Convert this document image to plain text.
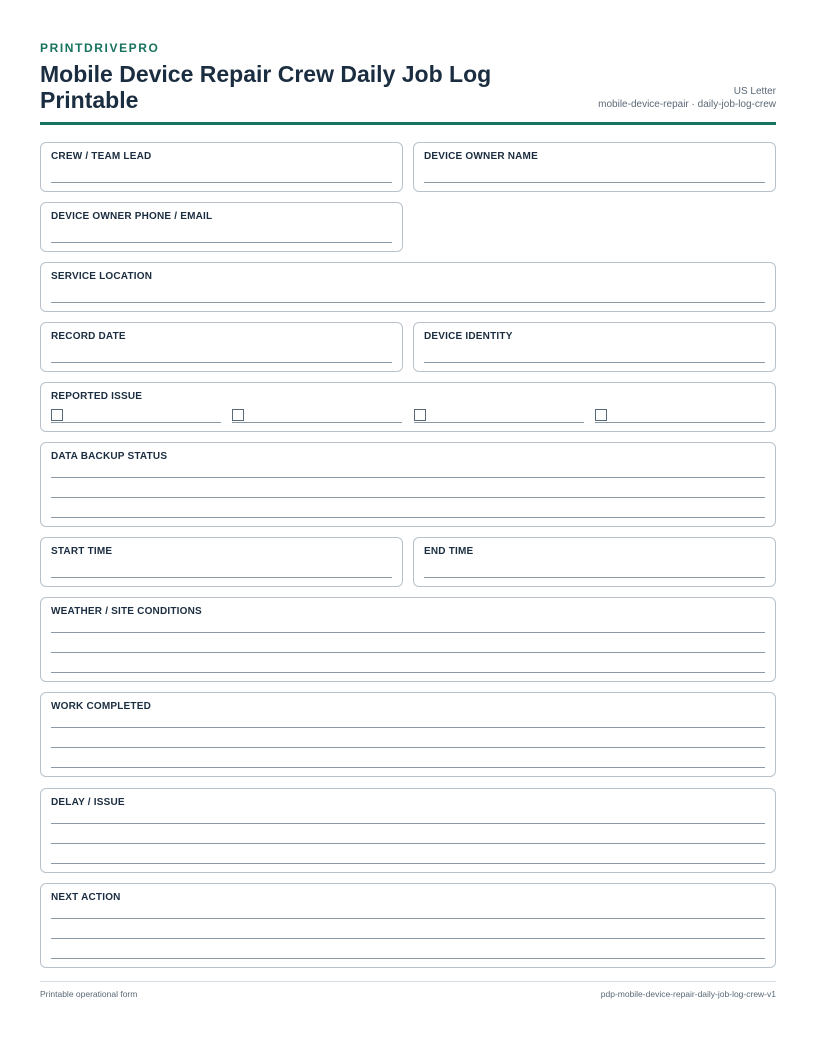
PRINTDRIVEPRO
Mobile Device Repair Crew Daily Job Log Printable	US Letter
mobile-device-repair · daily-job-log-crew
CREW / TEAM LEAD	DEVICE OWNER NAME
DEVICE OWNER PHONE / EMAIL
SERVICE LOCATION
RECORD DATE	DEVICE IDENTITY
REPORTED ISSUE
DATA BACKUP STATUS
START TIME	END TIME
WEATHER / SITE CONDITIONS
WORK COMPLETED
DELAY / ISSUE
NEXT ACTION
Printable operational form	pdp-mobile-device-repair-daily-job-log-crew-v1
